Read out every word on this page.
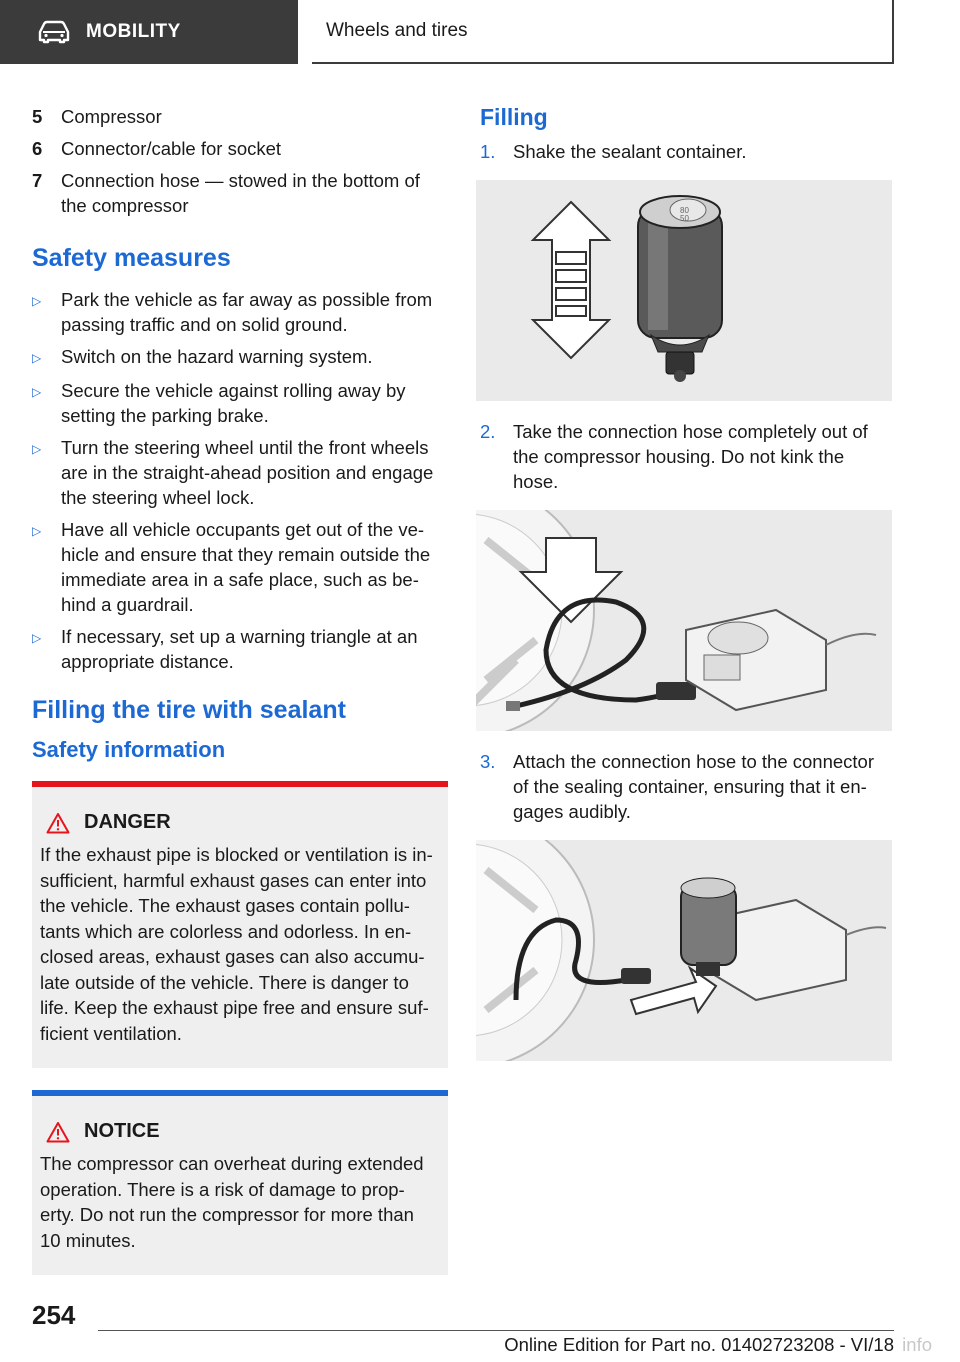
MOBILITY	Wheels and tires
5	Compressor
6	Connector/cable for socket
7	Connection hose — stowed in the bottom of the compressor
Safety measures
▷	Park the vehicle as far away as possible from passing traffic and on solid ground.
▷	Switch on the hazard warning system.
▷	Secure the vehicle against rolling away by setting the parking brake.
▷	Turn the steering wheel until the front wheels are in the straight-ahead position and engage the steering wheel lock.
▷	Have all vehicle occupants get out of the ve-hicle and ensure that they remain outside the immediate area in a safe place, such as be-hind a guardrail.
▷	If necessary, set up a warning triangle at an appropriate distance.
Filling the tire with sealant
Safety information
DANGER
If the exhaust pipe is blocked or ventilation is in-sufficient, harmful exhaust gases can enter into the vehicle. The exhaust gases contain pollu-tants which are colorless and odorless. In en-closed areas, exhaust gases can also accumu-late outside of the vehicle. There is danger to life. Keep the exhaust pipe free and ensure suf-ficient ventilation.
NOTICE
The compressor can overheat during extended operation. There is a risk of damage to prop-erty. Do not run the compressor for more than 10 minutes.
Filling
1. Shake the sealant container.
80
50
2. Take the connection hose completely out of the compressor housing. Do not kink the hose.
3. Attach the connection hose to the connector of the sealing container, ensuring that it en-gages audibly.
254
Online Edition for Part no. 01402723208 - VI/18 info
